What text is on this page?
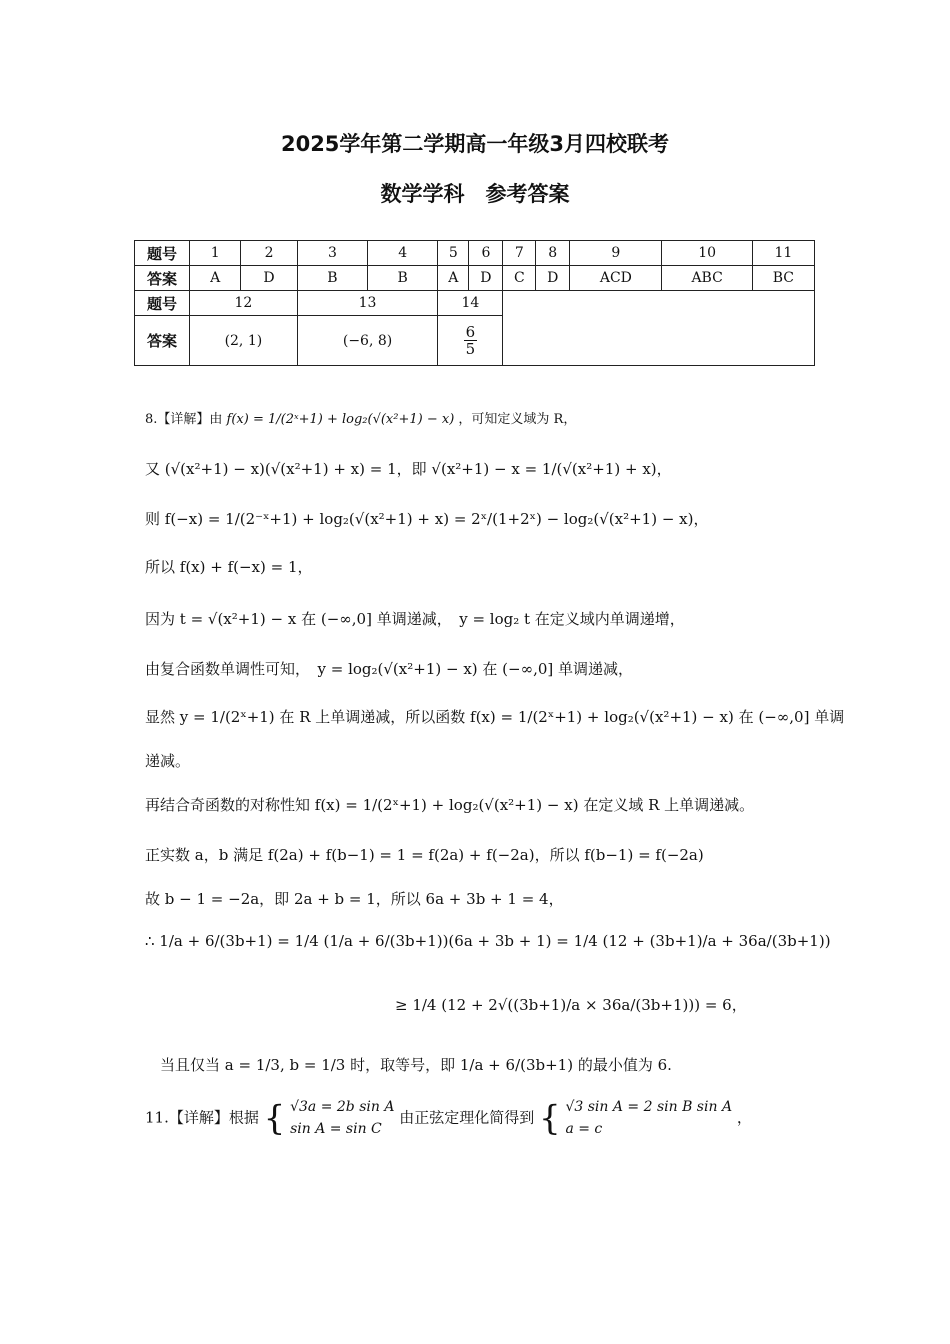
2025学年第二学期高一年级3月四校联考
数学学科　参考答案
题号	1	2	3	4	5	6	7	8	9	10	11
答案	A	D	B	B	A	D	C	D	ACD	ABC	BC
题号	12		13		14						
答案	(2, 1)		(−6, 8)		$\frac{6}{5}$
8.【详解】由 f(x) = 1/(2ˣ+1) + log₂(√(x²+1) − x) ，可知定义域为 R，
又 (√(x²+1) − x)(√(x²+1) + x) = 1，即 √(x²+1) − x = 1/(√(x²+1) + x)，
则 f(−x) = 1/(2⁻ˣ+1) + log₂(√(x²+1) + x) = 2ˣ/(1+2ˣ) − log₂(√(x²+1) − x)，
所以 f(x) + f(−x) = 1，
因为 t = √(x²+1) − x 在 (−∞,0] 单调递减，　y = log₂ t 在定义域内单调递增，
由复合函数单调性可知，　y = log₂(√(x²+1) − x) 在 (−∞,0] 单调递减，
显然 y = 1/(2ˣ+1) 在 R 上单调递减，所以函数 f(x) = 1/(2ˣ+1) + log₂(√(x²+1) − x) 在 (−∞,0] 单调
递减。
再结合奇函数的对称性知 f(x) = 1/(2ˣ+1) + log₂(√(x²+1) − x) 在定义域 R 上单调递减。
正实数 a，b 满足 f(2a) + f(b−1) = 1 = f(2a) + f(−2a)，所以 f(b−1) = f(−2a)
故 b − 1 = −2a，即 2a + b = 1，所以 6a + 3b + 1 = 4，
∴ 1/a + 6/(3b+1) = 1/4 (1/a + 6/(3b+1))(6a + 3b + 1) = 1/4 (12 + (3b+1)/a + 36a/(3b+1))
≥ 1/4 (12 + 2√((3b+1)/a × 36a/(3b+1))) = 6，
当且仅当 a = 1/3, b = 1/3 时，取等号，即 1/a + 6/(3b+1) 的最小值为 6.
11.【详解】根据 { √3a = 2b sin A
sin A = sin C
由正弦定理化简得到 { √3 sin A = 2 sin B sin A
a = c
，
